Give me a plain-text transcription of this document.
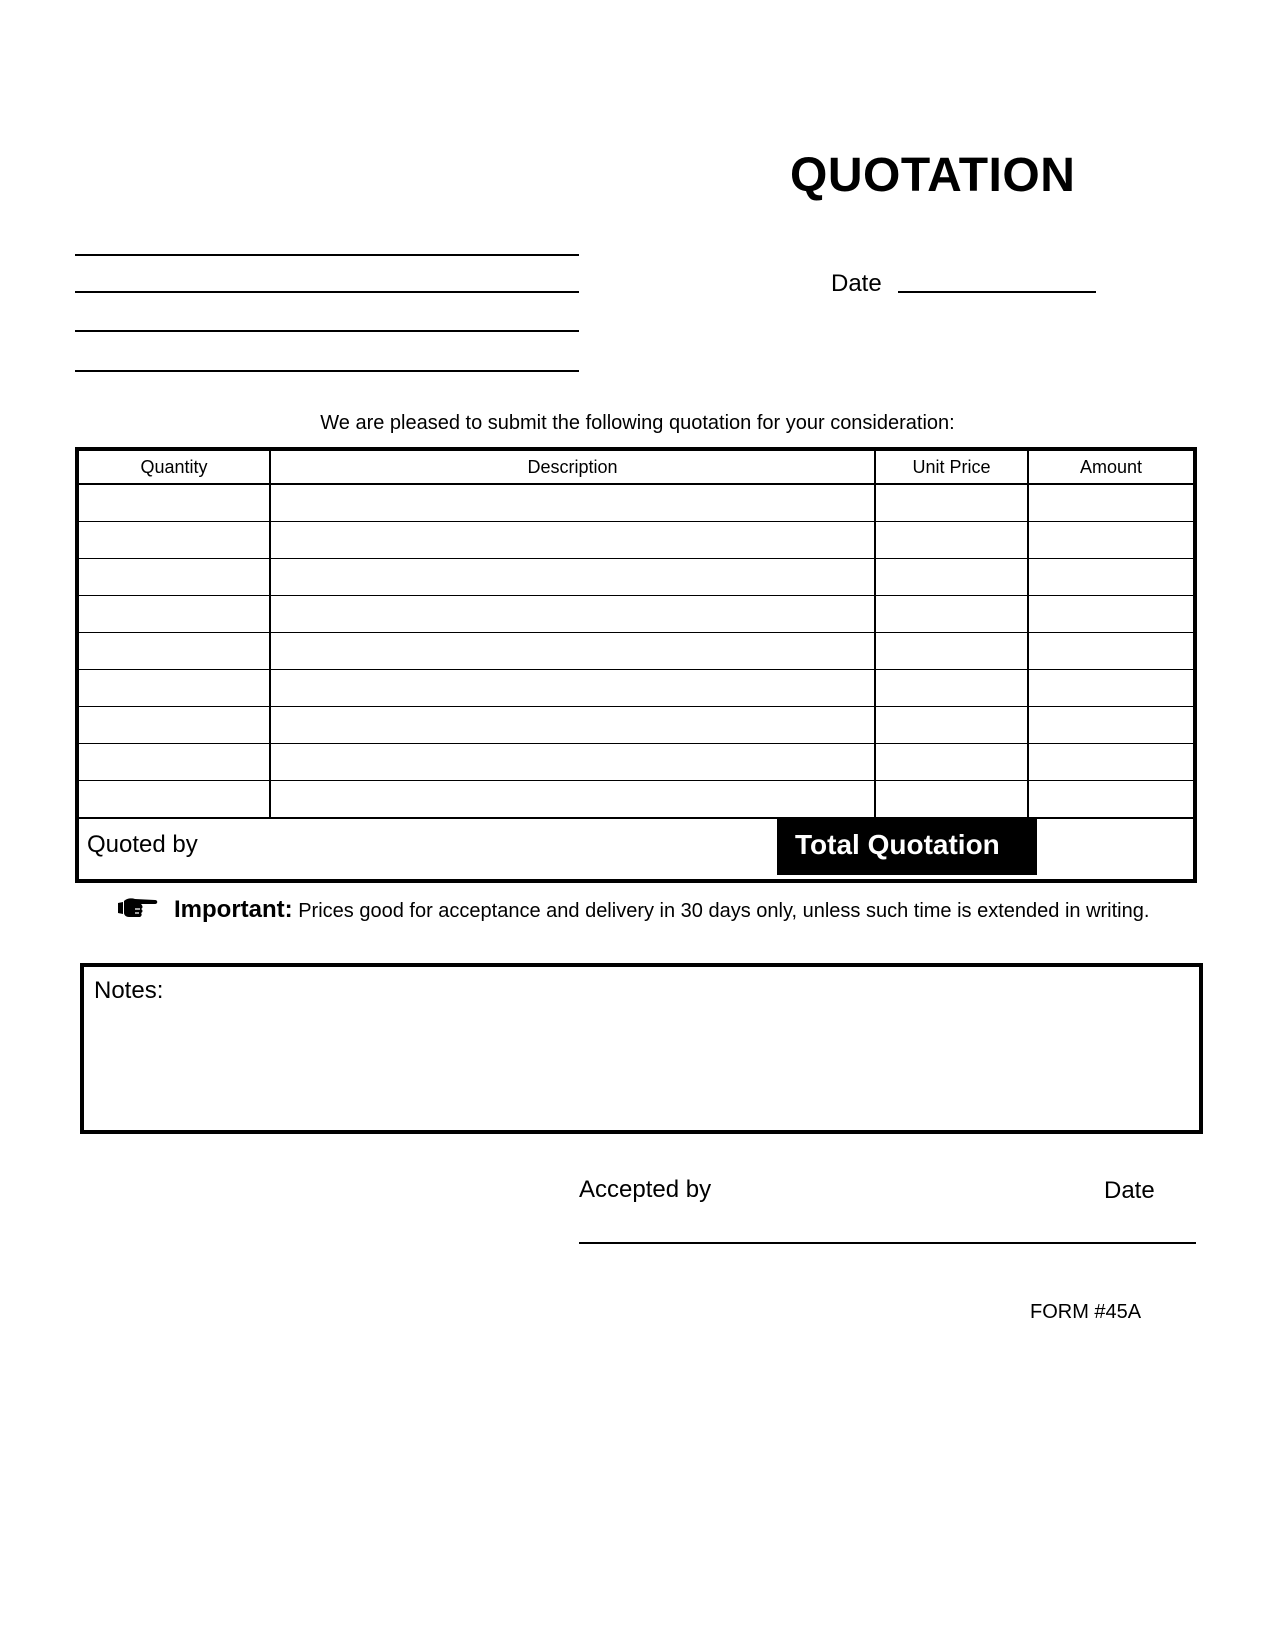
QUOTATION
Date
We are pleased to submit the following quotation for your consideration:
Quantity	Description	Unit Price	Amount

Quoted by	Total Quotation
Important: Prices good for acceptance and delivery in 30 days only, unless such time is extended in writing.
Notes:
Accepted by	Date
FORM #45A
